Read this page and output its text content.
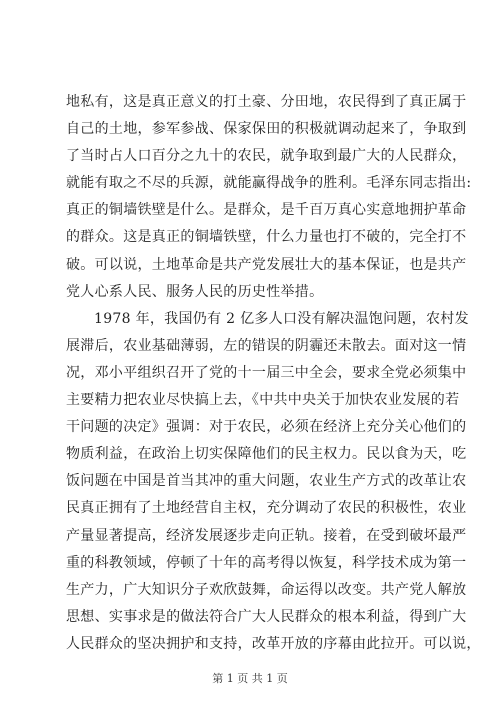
地私有，这是真正意义的打土豪、分田地，农民得到了真正属于
自己的土地，参军参战、保家保田的积极就调动起来了，争取到
了当时占人口百分之九十的农民，就争取到最广大的人民群众，
就能有取之不尽的兵源，就能赢得战争的胜利。毛泽东同志指出:
真正的铜墙铁壁是什么。是群众，是千百万真心实意地拥护革命
的群众。这是真正的铜墙铁壁，什么力量也打不破的，完全打不
破。可以说，土地革命是共产党发展壮大的基本保证，也是共产
党人心系人民、服务人民的历史性举措。
1978 年，我国仍有 2 亿多人口没有解决温饱问题，农村发
展滞后，农业基础薄弱，左的错误的阴霾还未散去。面对这一情
况，邓小平组织召开了党的十一届三中全会，要求全党必须集中
主要精力把农业尽快搞上去，《中共中央关于加快农业发展的若
干问题的决定》强调：对于农民，必须在经济上充分关心他们的
物质利益，在政治上切实保障他们的民主权力。民以食为天，吃
饭问题在中国是首当其冲的重大问题，农业生产方式的改革让农
民真正拥有了土地经营自主权，充分调动了农民的积极性，农业
产量显著提高，经济发展逐步走向正轨。接着，在受到破坏最严
重的科教领域，停顿了十年的高考得以恢复，科学技术成为第一
生产力，广大知识分子欢欣鼓舞，命运得以改变。共产党人解放
思想、实事求是的做法符合广大人民群众的根本利益，得到广大
人民群众的坚决拥护和支持，改革开放的序幕由此拉开。可以说，
第 1 页 共 1 页
